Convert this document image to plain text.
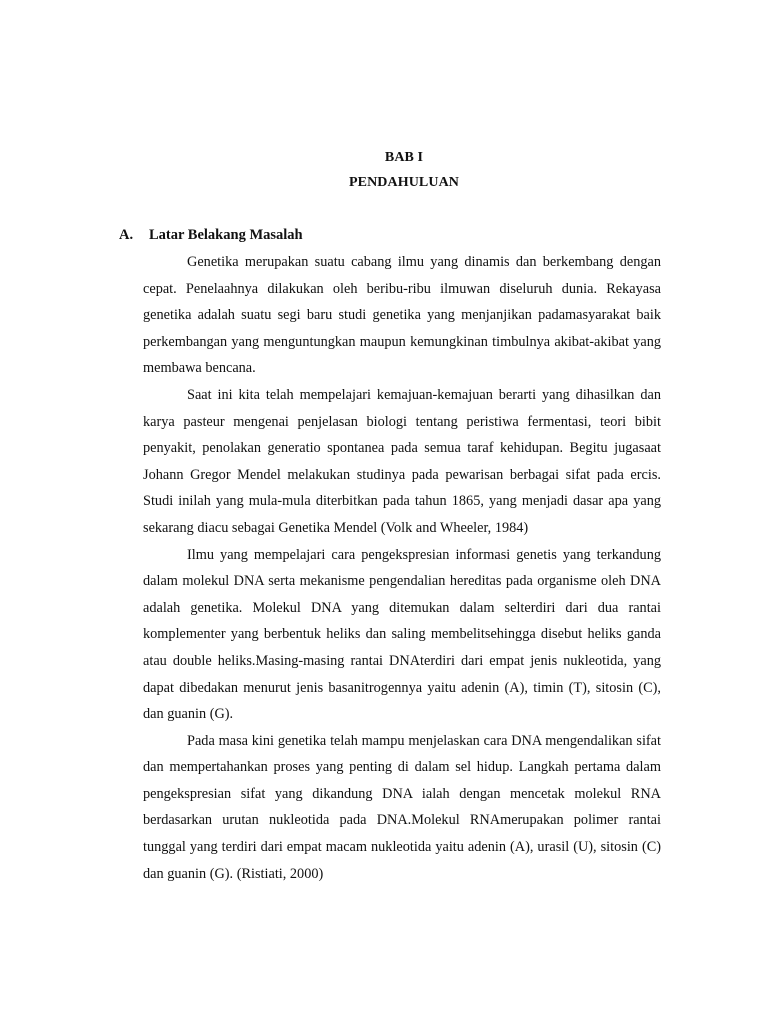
BAB I
PENDAHULUAN
A. Latar Belakang Masalah

Genetika merupakan suatu cabang ilmu yang dinamis dan berkembang dengan cepat. Penelaahnya dilakukan oleh beribu-ribu ilmuwan diseluruh dunia. Rekayasa genetika adalah suatu segi baru studi genetika yang menjanjikan padamasyarakat baik perkembangan yang menguntungkan maupun kemungkinan timbulnya akibat-akibat yang membawa bencana.

Saat ini kita telah mempelajari kemajuan-kemajuan berarti yang dihasilkan dan karya pasteur mengenai penjelasan biologi tentang peristiwa fermentasi, teori bibit penyakit, penolakan generatio spontanea pada semua taraf kehidupan. Begitu jugasaat Johann Gregor Mendel melakukan studinya pada pewarisan berbagai sifat pada ercis. Studi inilah yang mula-mula diterbitkan pada tahun 1865, yang menjadi dasar apa yang sekarang diacu sebagai Genetika Mendel (Volk and Wheeler, 1984)

Ilmu yang mempelajari cara pengekspresian informasi genetis yang terkandung dalam molekul DNA serta mekanisme pengendalian hereditas pada organisme oleh DNA adalah genetika. Molekul DNA yang ditemukan dalam selterdiri dari dua rantai komplementer yang berbentuk heliks dan saling membelitsehingga disebut heliks ganda atau double heliks.Masing-masing rantai DNAterdiri dari empat jenis nukleotida, yang dapat dibedakan menurut jenis basanitrogennya yaitu adenin (A), timin (T), sitosin (C), dan guanin (G).

Pada masa kini genetika telah mampu menjelaskan cara DNA mengendalikan sifat dan mempertahankan proses yang penting di dalam sel hidup. Langkah pertama dalam pengekspresian sifat yang dikandung DNA ialah dengan mencetak molekul RNA berdasarkan urutan nukleotida pada DNA.Molekul RNAmerupakan polimer rantai tunggal yang terdiri dari empat macam nukleotida yaitu adenin (A), urasil (U), sitosin (C) dan guanin (G). (Ristiati, 2000)
